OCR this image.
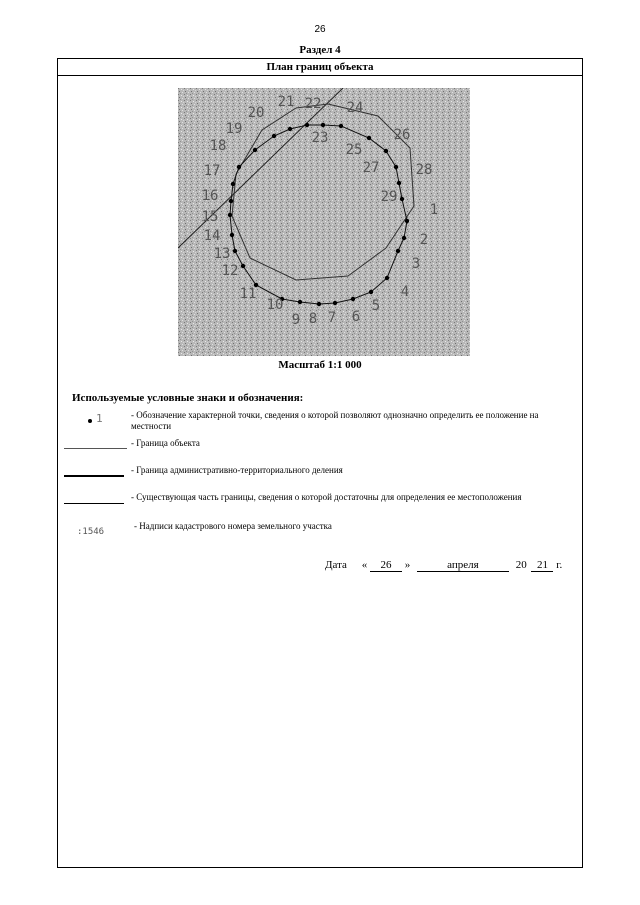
26
Раздел 4
План границ объекта
1
2
3
4
5
6
7
8
9
10
11
12
13
14
15
16
17
18
19
20
21 22
23
24
25
26
27	28
29
Масштаб 1:1 000
Используемые условные знаки и обозначения:
1	- Обозначение характерной точки, сведения о которой позволяют однозначно определить ее положение на местности
- Граница объекта
- Граница административно-территориального деления
- Существующая часть границы, сведения о которой достаточны для определения ее местоположения
:1546
- Надписи кадастрового номера земельного участка
Дата « 26 »	апреля	20 21 г.
